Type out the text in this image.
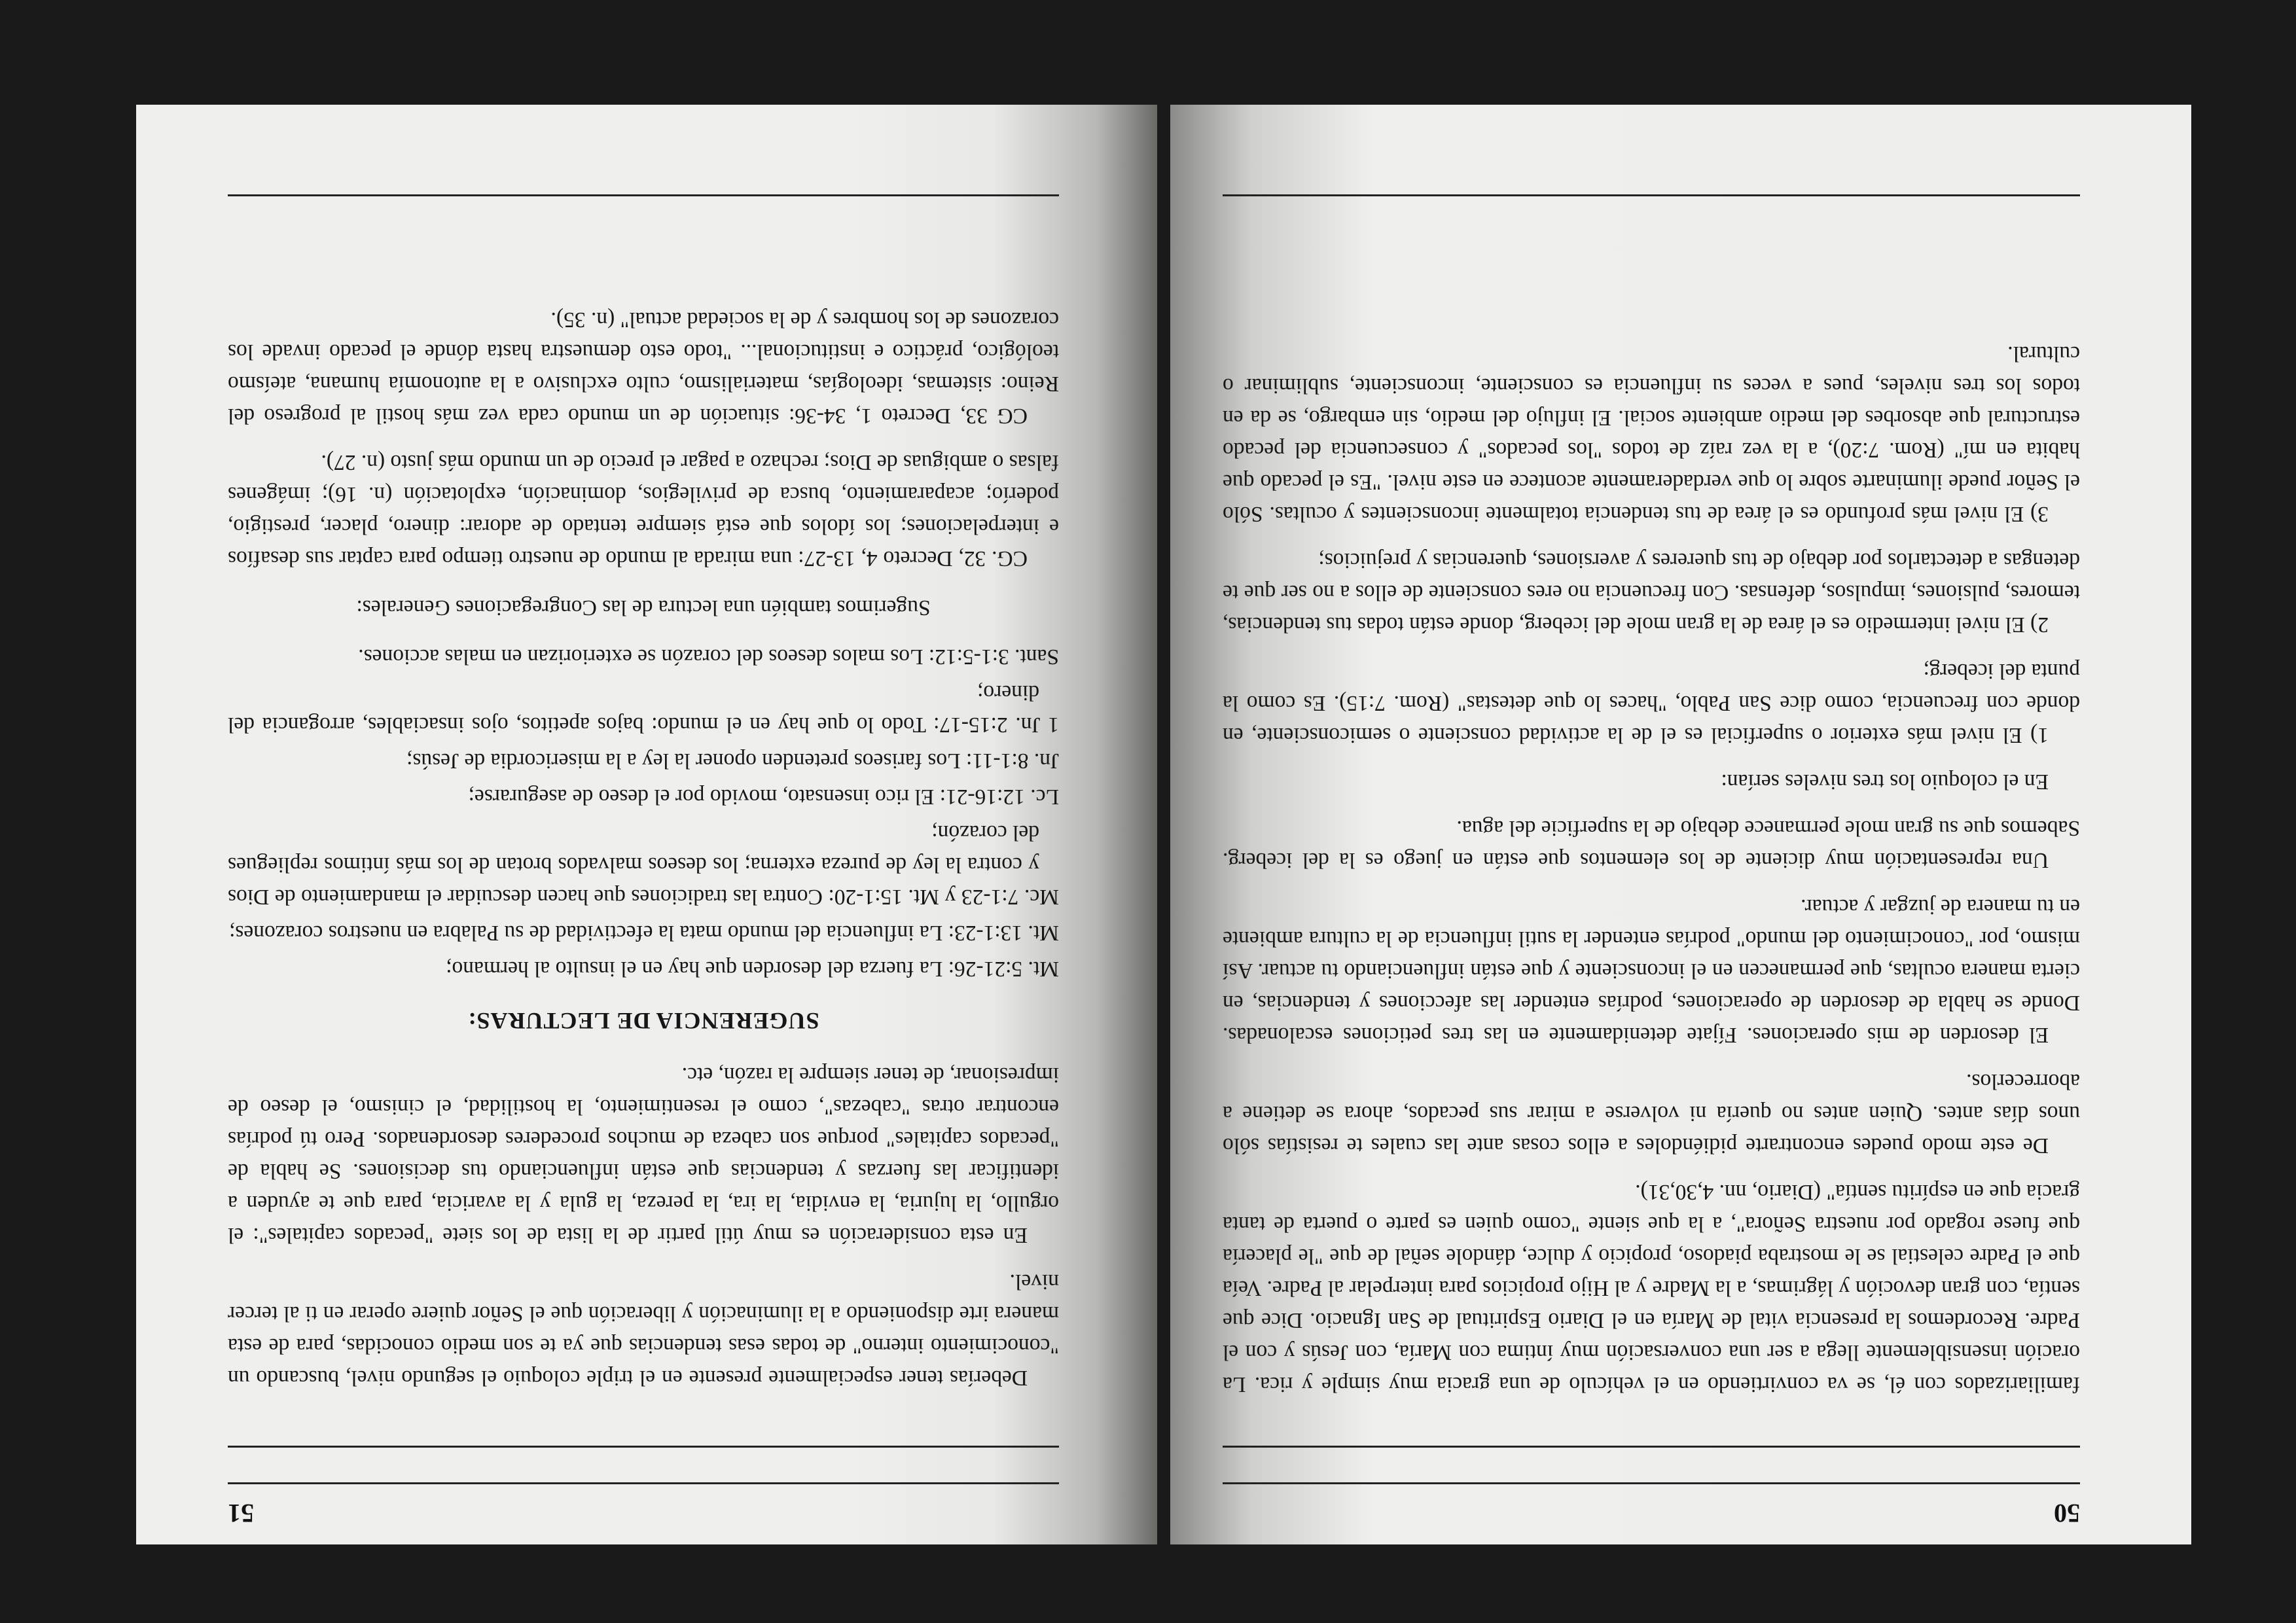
50

familiarizados con él, se va convirtiendo en el vehículo de una gracia muy simple y rica. La oración insensiblemente llega a ser una conversación muy íntima con María, con Jesús y con el Padre. Recordemos la presencia vital de María en el Diario Espiritual de San Ignacio. Dice que sentía, con gran devoción y lágrimas, a la Madre y al Hijo propicios para interpelar al Padre. Veía que el Padre celestial se le mostraba piadoso, propicio y dulce, dándole señal de que "le placería que fuese rogado por nuestra Señora", a la que siente "como quien es parte o puerta de tanta gracia que en espíritu sentía" (Diario, nn. 4,30,31).

De este modo puedes encontrarte pidiéndoles a ellos cosas ante las cuales te resistías sólo unos días antes. Quien antes no quería ni volverse a mirar sus pecados, ahora se detiene a aborrecerlos.

El desorden de mis operaciones. Fíjate detenidamente en las tres peticiones escalonadas. Donde se habla de desorden de operaciones, podrías entender las afecciones y tendencias, en cierta manera ocultas, que permanecen en el inconsciente y que están influenciando tu actuar. Así mismo, por "conocimiento del mundo" podrías entender la sutil influencia de la cultura ambiente en tu manera de juzgar y actuar.

Una representación muy diciente de los elementos que están en juego es la del iceberg. Sabemos que su gran mole permanece debajo de la superficie del agua.

En el coloquio los tres niveles serían:

1) El nivel más exterior o superficial es el de la actividad consciente o semiconsciente, en donde con frecuencia, como dice San Pablo, "haces lo que detestas" (Rom. 7:15). Es como la punta del iceberg;

2) El nivel intermedio es el área de la gran mole del iceberg, donde están todas tus tendencias, temores, pulsiones, impulsos, defensas. Con frecuencia no eres consciente de ellos a no ser que te detengas a detectarlos por debajo de tus quereres y aversiones, querencias y prejuicios;

3) El nivel más profundo es el área de tus tendencia totalmente inconscientes y ocultas. Sólo el Señor puede iluminarte sobre lo que verdaderamente acontece en este nivel. "Es el pecado que habita en mí" (Rom. 7:20), a la vez raíz de todos "los pecados" y consecuencia del pecado estructural que absorbes del medio ambiente social. El influjo del medio, sin embargo, se da en todos los tres niveles, pues a veces su influencia es consciente, inconsciente, subliminar o cultural.

51

Deberías tener especialmente presente en el triple coloquio el segundo nivel, buscando un "conocimiento interno" de todas esas tendencias que ya te son medio conocidas, para de esta manera irte disponiendo a la iluminación y liberación que el Señor quiere operar en ti al tercer nivel.

En esta consideración es muy útil partir de la lista de los siete "pecados capitales": el orgullo, la lujuria, la envidia, la ira, la pereza, la gula y la avaricia, para que te ayuden a identificar las fuerzas y tendencias que están influenciando tus decisiones. Se habla de "pecados capitales" porque son cabeza de muchos procederes desordenados. Pero tú podrías encontrar otras "cabezas", como el resentimiento, la hostilidad, el cinismo, el deseo de impresionar, de tener siempre la razón, etc.

SUGERENCIA DE LECTURAS:

Mt. 5:21-26: La fuerza del desorden que hay en el insulto al hermano;

Mt. 13:1-23: La influencia del mundo mata la efectividad de su Palabra en nuestros corazones;

Mc. 7:1-23 y Mt. 15:1-20: Contra las tradiciones que hacen descuidar el mandamiento de Dios y contra la ley de pureza externa; los deseos malvados brotan de los más íntimos repliegues del corazón;

Lc. 12:16-21: El rico insensato, movido por el deseo de asegurarse;

Jn. 8:1-11: Los fariseos pretenden oponer la ley a la misericordia de Jesús;

1 Jn. 2:15-17: Todo lo que hay en el mundo: bajos apetitos, ojos insaciables, arrogancia del dinero;

Sant. 3:1-5:12: Los malos deseos del corazón se exteriorizan en malas acciones.

Sugerimos también una lectura de las Congregaciones Generales:

CG. 32, Decreto 4, 13-27: una mirada al mundo de nuestro tiempo para captar sus desafíos e interpelaciones; los ídolos que está siempre tentado de adorar: dinero, placer, prestigio, poderío; acaparamiento, busca de privilegios, dominación, explotación (n. 16); imágenes falsas o ambiguas de Dios; rechazo a pagar el precio de un mundo más justo (n. 27).

CG 33, Decreto 1, 34-36: situación de un mundo cada vez más hostil al progreso del Reino: sistemas, ideologías, materialismo, culto exclusivo a la autonomía humana, ateísmo teológico, práctico e institucional... "todo esto demuestra hasta dónde el pecado invade los corazones de los hombres y de la sociedad actual" (n. 35).
